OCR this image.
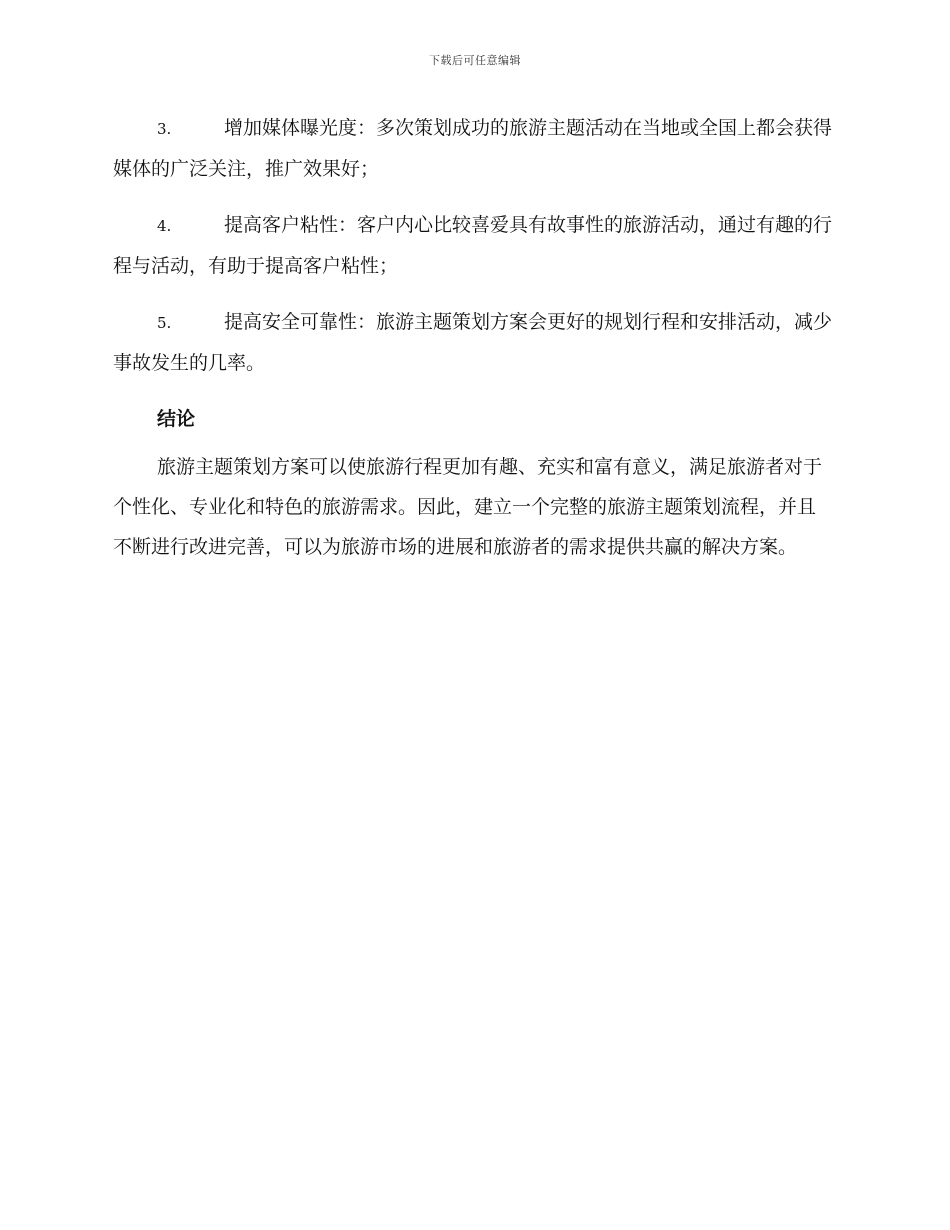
下载后可任意编辑

3.	增加媒体曝光度：多次策划成功的旅游主题活动在当地或全国上都会获得媒体的广泛关注，推广效果好；

4.	提高客户粘性：客户内心比较喜爱具有故事性的旅游活动，通过有趣的行程与活动，有助于提高客户粘性；

5.	提高安全可靠性：旅游主题策划方案会更好的规划行程和安排活动，减少事故发生的几率。

结论

旅游主题策划方案可以使旅游行程更加有趣、充实和富有意义，满足旅游者对于个性化、专业化和特色的旅游需求。因此，建立一个完整的旅游主题策划流程，并且不断进行改进完善，可以为旅游市场的进展和旅游者的需求提供共赢的解决方案。
